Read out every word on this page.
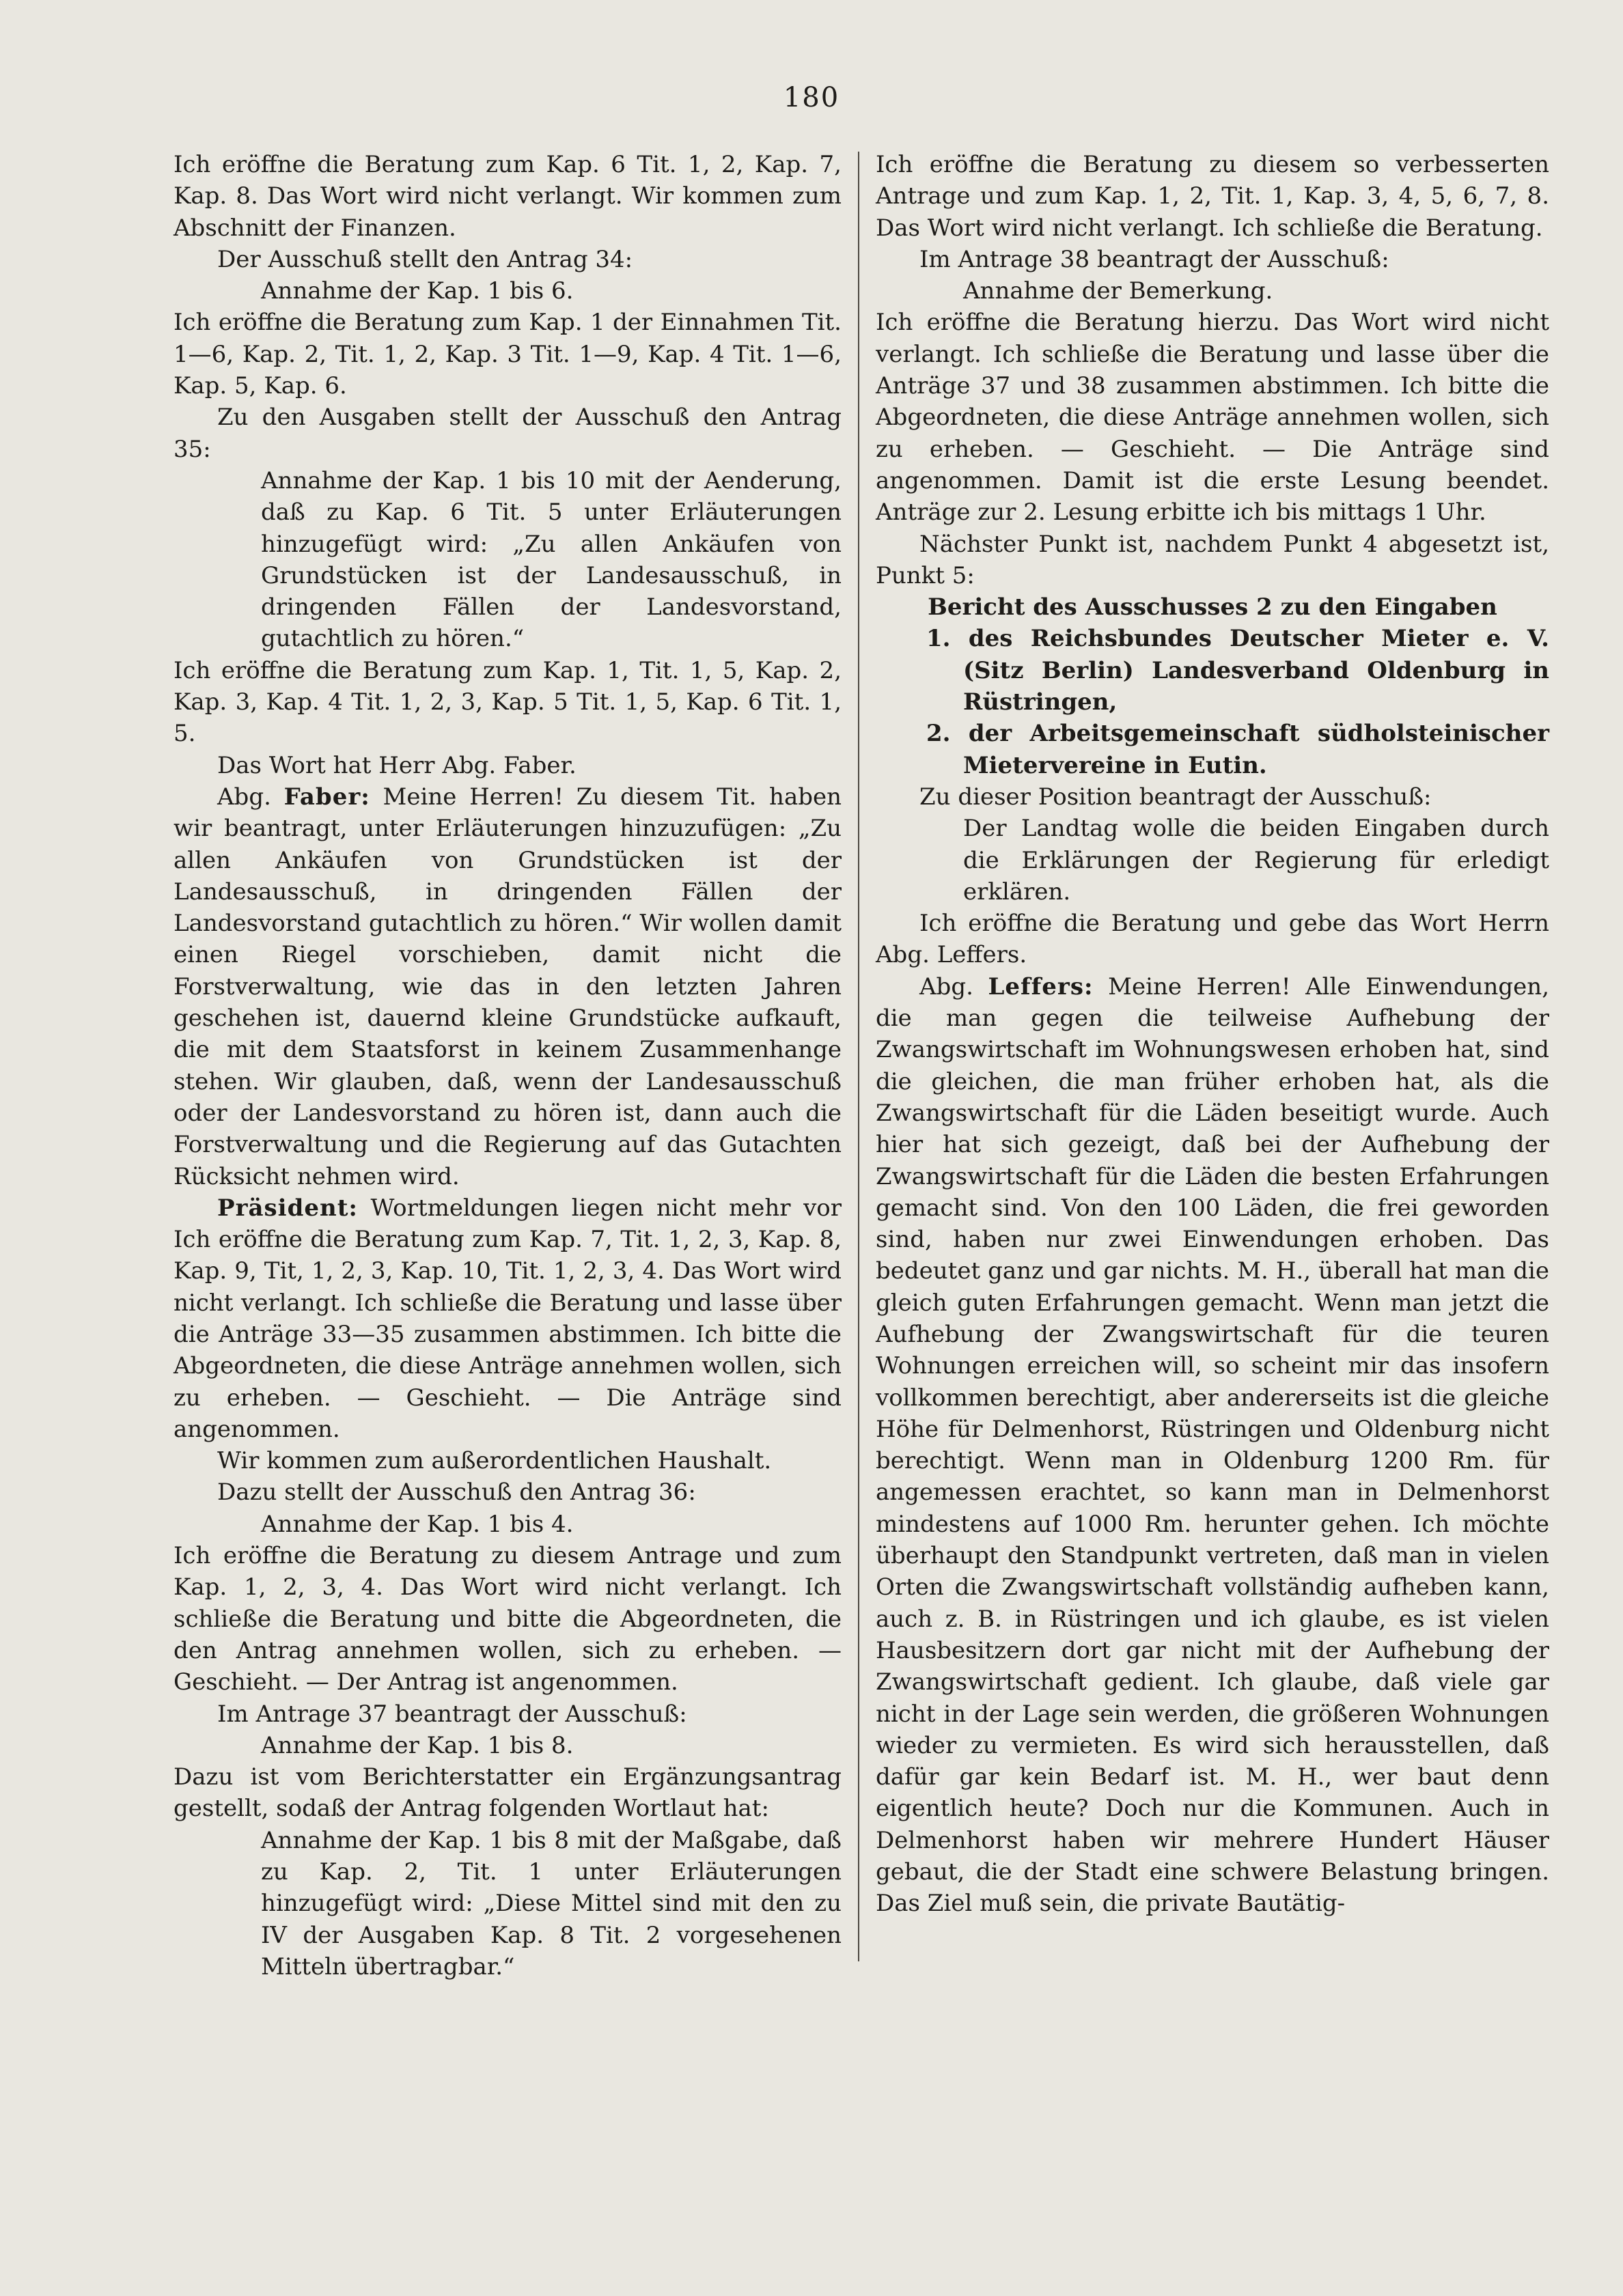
180

Ich eröffne die Beratung zum Kap. 6 Tit. 1, 2, Kap. 7, Kap. 8. Das Wort wird nicht verlangt. Wir kommen zum Abschnitt der Finanzen.

Der Ausschuß stellt den Antrag 34:

Annahme der Kap. 1 bis 6.

Ich eröffne die Beratung zum Kap. 1 der Einnahmen Tit. 1—6, Kap. 2, Tit. 1, 2, Kap. 3 Tit. 1—9, Kap. 4 Tit. 1—6, Kap. 5, Kap. 6.

Zu den Ausgaben stellt der Ausschuß den Antrag 35:

Annahme der Kap. 1 bis 10 mit der Aenderung, daß zu Kap. 6 Tit. 5 unter Erläuterungen hinzugefügt wird: „Zu allen Ankäufen von Grundstücken ist der Landesausschuß, in dringenden Fällen der Landesvorstand, gutachtlich zu hören.“

Ich eröffne die Beratung zum Kap. 1, Tit. 1, 5, Kap. 2, Kap. 3, Kap. 4 Tit. 1, 2, 3, Kap. 5 Tit. 1, 5, Kap. 6 Tit. 1, 5.

Das Wort hat Herr Abg. Faber.

Abg. Faber: Meine Herren! Zu diesem Tit. haben wir beantragt, unter Erläuterungen hinzuzufügen: „Zu allen Ankäufen von Grundstücken ist der Landesausschuß, in dringenden Fällen der Landesvorstand gutachtlich zu hören.“ Wir wollen damit einen Riegel vorschieben, damit nicht die Forstverwaltung, wie das in den letzten Jahren geschehen ist, dauernd kleine Grundstücke aufkauft, die mit dem Staatsforst in keinem Zusammenhange stehen. Wir glauben, daß, wenn der Landesausschuß oder der Landesvorstand zu hören ist, dann auch die Forstverwaltung und die Regierung auf das Gutachten Rücksicht nehmen wird.

Präsident: Wortmeldungen liegen nicht mehr vor Ich eröffne die Beratung zum Kap. 7, Tit. 1, 2, 3, Kap. 8, Kap. 9, Tit, 1, 2, 3, Kap. 10, Tit. 1, 2, 3, 4. Das Wort wird nicht verlangt. Ich schließe die Beratung und lasse über die Anträge 33—35 zusammen abstimmen. Ich bitte die Abgeordneten, die diese Anträge annehmen wollen, sich zu erheben. — Geschieht. — Die Anträge sind angenommen.

Wir kommen zum außerordentlichen Haushalt.

Dazu stellt der Ausschuß den Antrag 36:

Annahme der Kap. 1 bis 4.

Ich eröffne die Beratung zu diesem Antrage und zum Kap. 1, 2, 3, 4. Das Wort wird nicht verlangt. Ich schließe die Beratung und bitte die Abgeordneten, die den Antrag annehmen wollen, sich zu erheben. — Geschieht. — Der Antrag ist angenommen.

Im Antrage 37 beantragt der Ausschuß:

Annahme der Kap. 1 bis 8.

Dazu ist vom Berichterstatter ein Ergänzungsantrag gestellt, sodaß der Antrag folgenden Wortlaut hat:

Annahme der Kap. 1 bis 8 mit der Maßgabe, daß zu Kap. 2, Tit. 1 unter Erläuterungen hinzugefügt wird: „Diese Mittel sind mit den zu IV der Ausgaben Kap. 8 Tit. 2 vorgesehenen Mitteln übertragbar.“

Ich eröffne die Beratung zu diesem so verbesserten Antrage und zum Kap. 1, 2, Tit. 1, Kap. 3, 4, 5, 6, 7, 8. Das Wort wird nicht verlangt. Ich schließe die Beratung.

Im Antrage 38 beantragt der Ausschuß:

Annahme der Bemerkung.

Ich eröffne die Beratung hierzu. Das Wort wird nicht verlangt. Ich schließe die Beratung und lasse über die Anträge 37 und 38 zusammen abstimmen. Ich bitte die Abgeordneten, die diese Anträge annehmen wollen, sich zu erheben. — Geschieht. — Die Anträge sind angenommen. Damit ist die erste Lesung beendet. Anträge zur 2. Lesung erbitte ich bis mittags 1 Uhr.

Nächster Punkt ist, nachdem Punkt 4 abgesetzt ist, Punkt 5:

Bericht des Ausschusses 2 zu den Eingaben

1. des Reichsbundes Deutscher Mieter e. V. (Sitz Berlin) Landesverband Oldenburg in Rüstringen,

2. der Arbeitsgemeinschaft südholsteinischer Mietervereine in Eutin.

Zu dieser Position beantragt der Ausschuß:

Der Landtag wolle die beiden Eingaben durch die Erklärungen der Regierung für erledigt erklären.

Ich eröffne die Beratung und gebe das Wort Herrn Abg. Leffers.

Abg. Leffers: Meine Herren! Alle Einwendungen, die man gegen die teilweise Aufhebung der Zwangswirtschaft im Wohnungswesen erhoben hat, sind die gleichen, die man früher erhoben hat, als die Zwangswirtschaft für die Läden beseitigt wurde. Auch hier hat sich gezeigt, daß bei der Aufhebung der Zwangswirtschaft für die Läden die besten Erfahrungen gemacht sind. Von den 100 Läden, die frei geworden sind, haben nur zwei Einwendungen erhoben. Das bedeutet ganz und gar nichts. M. H., überall hat man die gleich guten Erfahrungen gemacht. Wenn man jetzt die Aufhebung der Zwangswirtschaft für die teuren Wohnungen erreichen will, so scheint mir das insofern vollkommen berechtigt, aber andererseits ist die gleiche Höhe für Delmenhorst, Rüstringen und Oldenburg nicht berechtigt. Wenn man in Oldenburg 1200 Rm. für angemessen erachtet, so kann man in Delmenhorst mindestens auf 1000 Rm. herunter gehen. Ich möchte überhaupt den Standpunkt vertreten, daß man in vielen Orten die Zwangswirtschaft vollständig aufheben kann, auch z. B. in Rüstringen und ich glaube, es ist vielen Hausbesitzern dort gar nicht mit der Aufhebung der Zwangswirtschaft gedient. Ich glaube, daß viele gar nicht in der Lage sein werden, die größeren Wohnungen wieder zu vermieten. Es wird sich herausstellen, daß dafür gar kein Bedarf ist. M. H., wer baut denn eigentlich heute? Doch nur die Kommunen. Auch in Delmenhorst haben wir mehrere Hundert Häuser gebaut, die der Stadt eine schwere Belastung bringen. Das Ziel muß sein, die private Bautätig-
